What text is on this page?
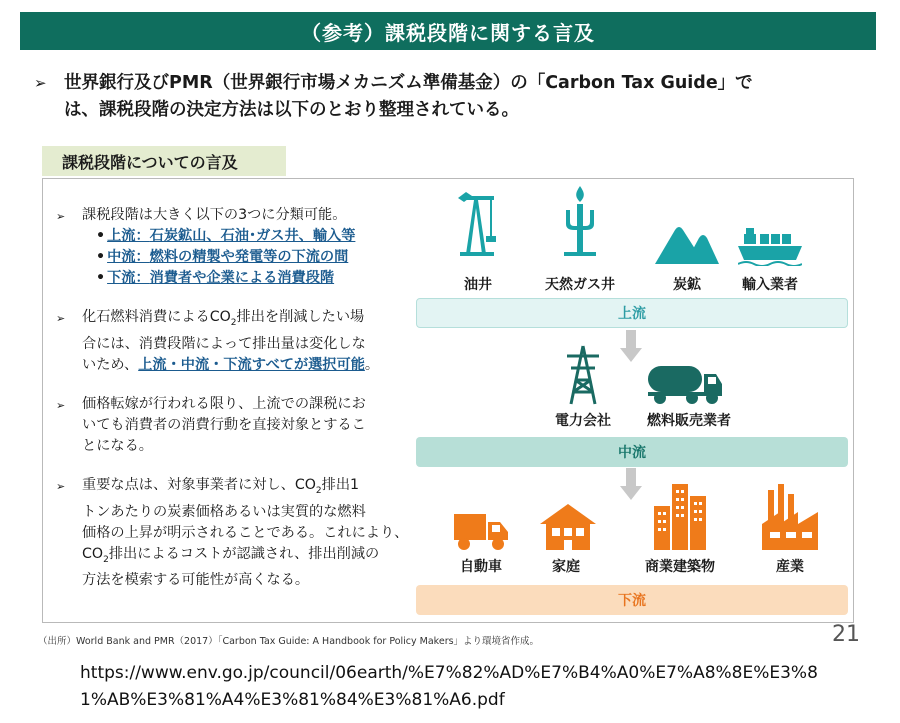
（参考）課税段階に関する言及
➢ 世界銀行及びPMR（世界銀行市場メカニズム準備基金）の「Carbon Tax Guide」で
は、課税段階の決定方法は以下のとおり整理されている。
課税段階についての言及
➢ 課税段階は大きく以下の3つに分類可能。
• 上流：石炭鉱山、石油･ガス井、輸入等
• 中流：燃料の精製や発電等の下流の間
• 下流：消費者や企業による消費段階
➢ 化石燃料消費による$CO_2$排出を削減したい場
合には、消費段階によって排出量は変化しな
いため、上流・中流・下流すべてが選択可能。
➢ 価格転嫁が行われる限り、上流での課税にお
いても消費者の消費行動を直接対象とするこ
とになる。
➢ 重要な点は、対象事業者に対し、$CO_2$排出1
トンあたりの炭素価格あるいは実質的な燃料
価格の上昇が明示されることである。これにより、
$CO_2$排出によるコストが認識され、排出削減の
方法を模索する可能性が高くなる。
油井	天然ガス井	炭鉱	輸入業者
上流
電力会社	燃料販売業者
中流
自動車	家庭	商業建築物	産業
下流
（出所）World Bank and PMR（2017）「Carbon Tax Guide: A Handbook for Policy Makers」より環境省作成。	21
https://www.env.go.jp/council/06earth/%E7%82%AD%E7%B4%A0%E7%A8%8E%E3%81%AB%E3%81%A4%E3%81%84%E3%81%A6.pdf
